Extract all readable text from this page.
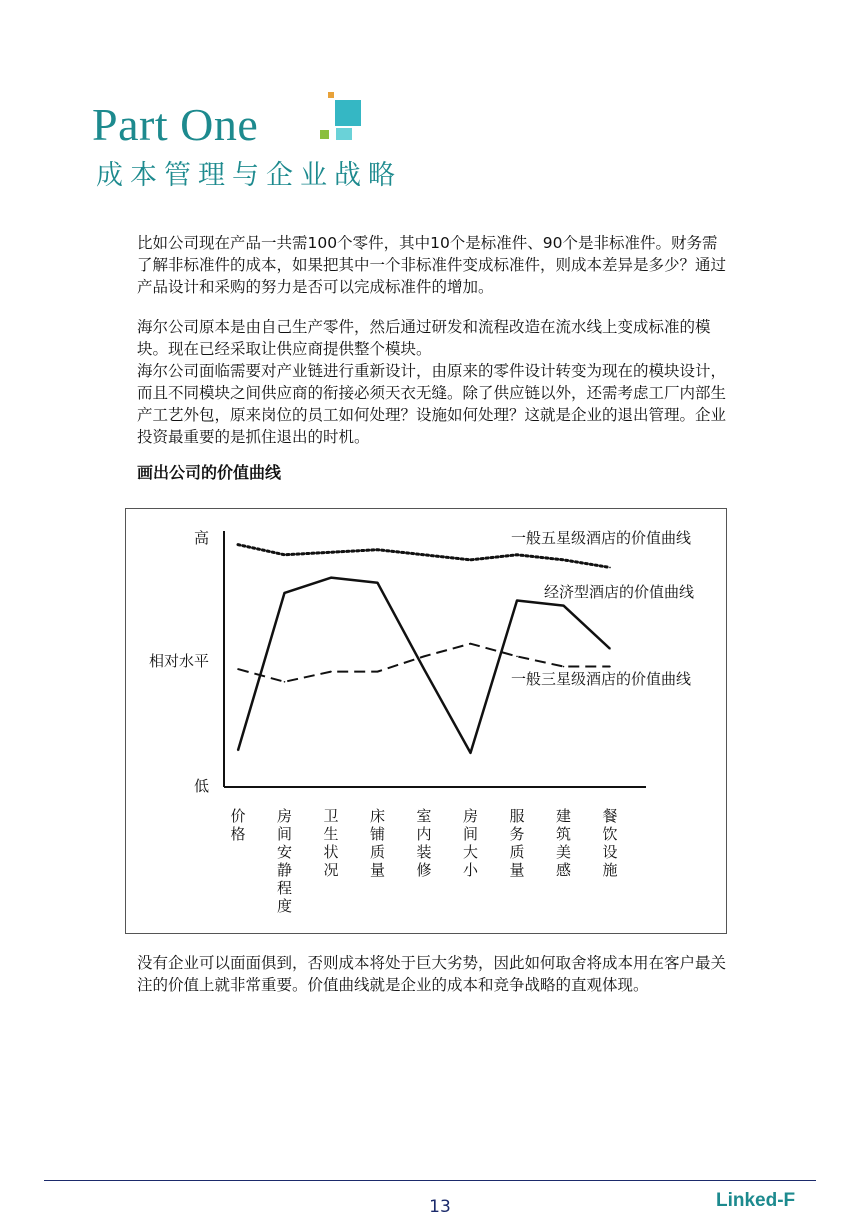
Part One
成本管理与企业战略
比如公司现在产品一共需100个零件，其中10个是标准件、90个是非标准件。财务需了解非标准件的成本，如果把其中一个非标准件变成标准件，则成本差异是多少？通过产品设计和采购的努力是否可以完成标准件的增加。
海尔公司原本是由自己生产零件，然后通过研发和流程改造在流水线上变成标准的模块。现在已经采取让供应商提供整个模块。
海尔公司面临需要对产业链进行重新设计，由原来的零件设计转变为现在的模块设计，而且不同模块之间供应商的衔接必须天衣无缝。除了供应链以外，还需考虑工厂内部生产工艺外包，原来岗位的员工如何处理？设施如何处理？这就是企业的退出管理。企业投资最重要的是抓住退出的时机。
画出公司的价值曲线
高
相对水平
低
价格
房间安静程度
卫生状况
床铺质量
室内装修
房间大小
服务质量
建筑美感
餐饮设施
一般五星级酒店的价值曲线
经济型酒店的价值曲线
一般三星级酒店的价值曲线
没有企业可以面面俱到，否则成本将处于巨大劣势，因此如何取舍将成本用在客户最关注的价值上就非常重要。价值曲线就是企业的成本和竞争战略的直观体现。
13	Linked-F
